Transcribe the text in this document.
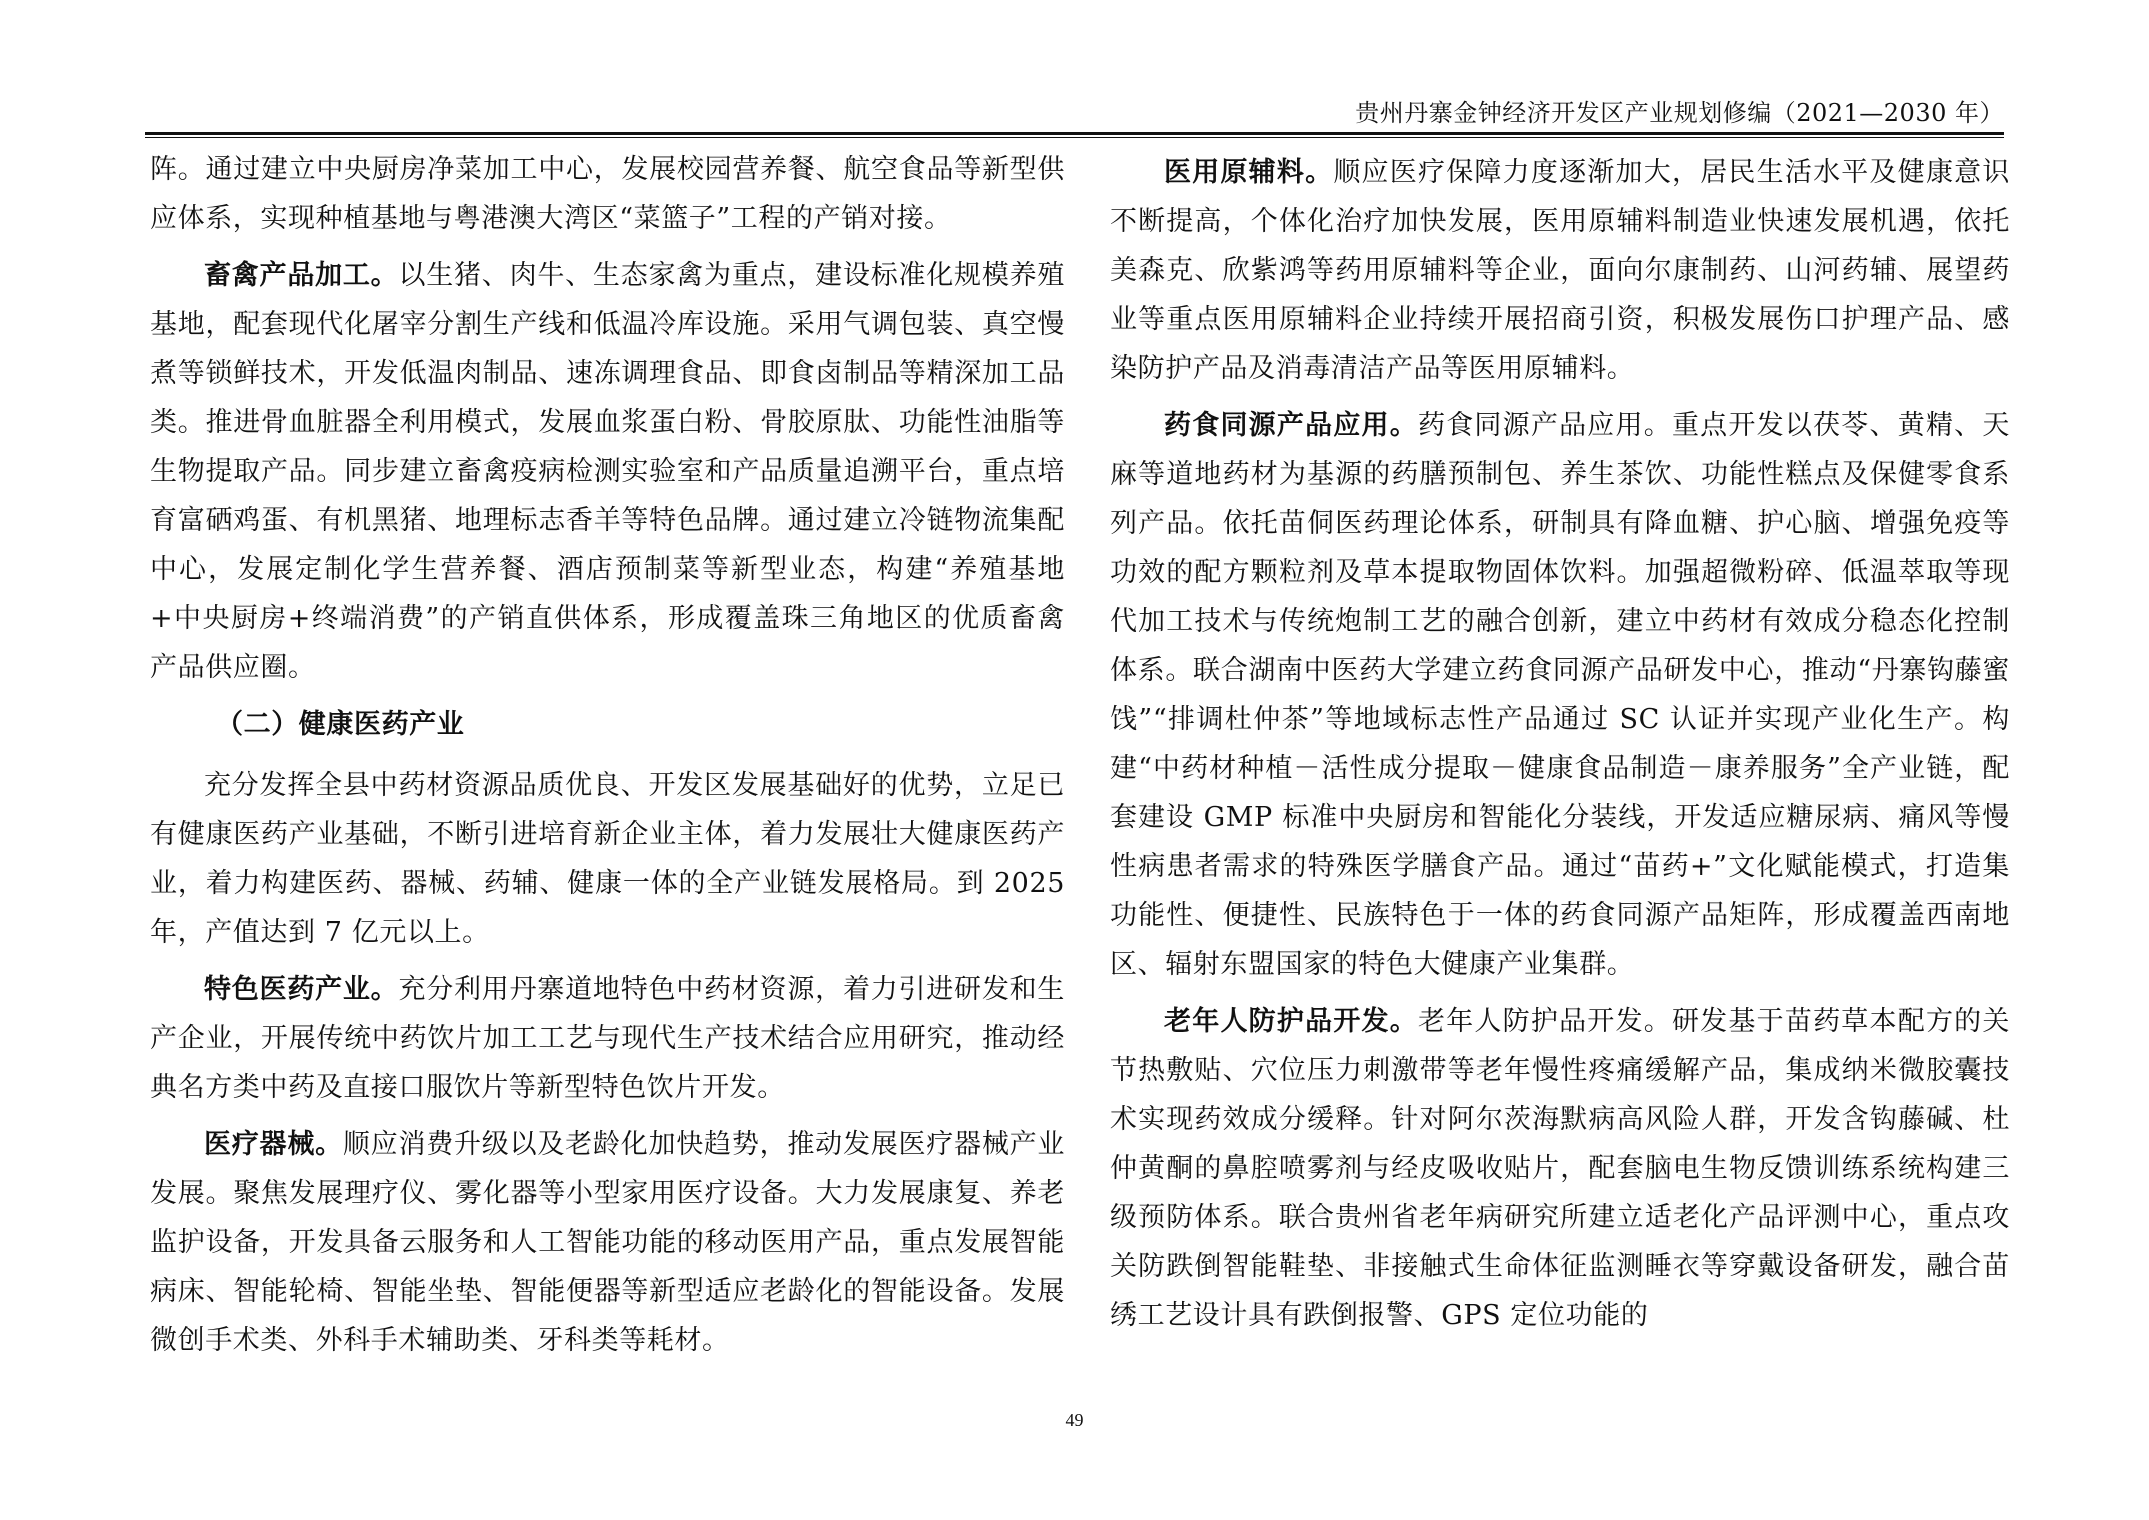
贵州丹寨金钟经济开发区产业规划修编（2021—2030 年）

阵。通过建立中央厨房净菜加工中心，发展校园营养餐、航空食品等新型供应体系，实现种植基地与粤港澳大湾区“菜篮子”工程的产销对接。

畜禽产品加工。以生猪、肉牛、生态家禽为重点，建设标准化规模养殖基地，配套现代化屠宰分割生产线和低温冷库设施。采用气调包装、真空慢煮等锁鲜技术，开发低温肉制品、速冻调理食品、即食卤制品等精深加工品类。推进骨血脏器全利用模式，发展血浆蛋白粉、骨胶原肽、功能性油脂等生物提取产品。同步建立畜禽疫病检测实验室和产品质量追溯平台，重点培育富硒鸡蛋、有机黑猪、地理标志香羊等特色品牌。通过建立冷链物流集配中心，发展定制化学生营养餐、酒店预制菜等新型业态，构建“养殖基地+中央厨房+终端消费”的产销直供体系，形成覆盖珠三角地区的优质畜禽产品供应圈。

（二）健康医药产业

充分发挥全县中药材资源品质优良、开发区发展基础好的优势，立足已有健康医药产业基础，不断引进培育新企业主体，着力发展壮大健康医药产业，着力构建医药、器械、药辅、健康一体的全产业链发展格局。到 2025 年，产值达到 7 亿元以上。

特色医药产业。充分利用丹寨道地特色中药材资源，着力引进研发和生产企业，开展传统中药饮片加工工艺与现代生产技术结合应用研究，推动经典名方类中药及直接口服饮片等新型特色饮片开发。

医疗器械。顺应消费升级以及老龄化加快趋势，推动发展医疗器械产业发展。聚焦发展理疗仪、雾化器等小型家用医疗设备。大力发展康复、养老监护设备，开发具备云服务和人工智能功能的移动医用产品，重点发展智能病床、智能轮椅、智能坐垫、智能便器等新型适应老龄化的智能设备。发展微创手术类、外科手术辅助类、牙科类等耗材。

医用原辅料。顺应医疗保障力度逐渐加大，居民生活水平及健康意识不断提高，个体化治疗加快发展，医用原辅料制造业快速发展机遇，依托美森克、欣紫鸿等药用原辅料等企业，面向尔康制药、山河药辅、展望药业等重点医用原辅料企业持续开展招商引资，积极发展伤口护理产品、感染防护产品及消毒清洁产品等医用原辅料。

药食同源产品应用。药食同源产品应用。重点开发以茯苓、黄精、天麻等道地药材为基源的药膳预制包、养生茶饮、功能性糕点及保健零食系列产品。依托苗侗医药理论体系，研制具有降血糖、护心脑、增强免疫等功效的配方颗粒剂及草本提取物固体饮料。加强超微粉碎、低温萃取等现代加工技术与传统炮制工艺的融合创新，建立中药材有效成分稳态化控制体系。联合湖南中医药大学建立药食同源产品研发中心，推动“丹寨钩藤蜜饯”“排调杜仲茶”等地域标志性产品通过 SC 认证并实现产业化生产。构建“中药材种植－活性成分提取－健康食品制造－康养服务”全产业链，配套建设 GMP 标准中央厨房和智能化分装线，开发适应糖尿病、痛风等慢性病患者需求的特殊医学膳食产品。通过“苗药+”文化赋能模式，打造集功能性、便捷性、民族特色于一体的药食同源产品矩阵，形成覆盖西南地区、辐射东盟国家的特色大健康产业集群。

老年人防护品开发。老年人防护品开发。研发基于苗药草本配方的关节热敷贴、穴位压力刺激带等老年慢性疼痛缓解产品，集成纳米微胶囊技术实现药效成分缓释。针对阿尔茨海默病高风险人群，开发含钩藤碱、杜仲黄酮的鼻腔喷雾剂与经皮吸收贴片，配套脑电生物反馈训练系统构建三级预防体系。联合贵州省老年病研究所建立适老化产品评测中心，重点攻关防跌倒智能鞋垫、非接触式生命体征监测睡衣等穿戴设备研发，融合苗绣工艺设计具有跌倒报警、GPS 定位功能的

49
